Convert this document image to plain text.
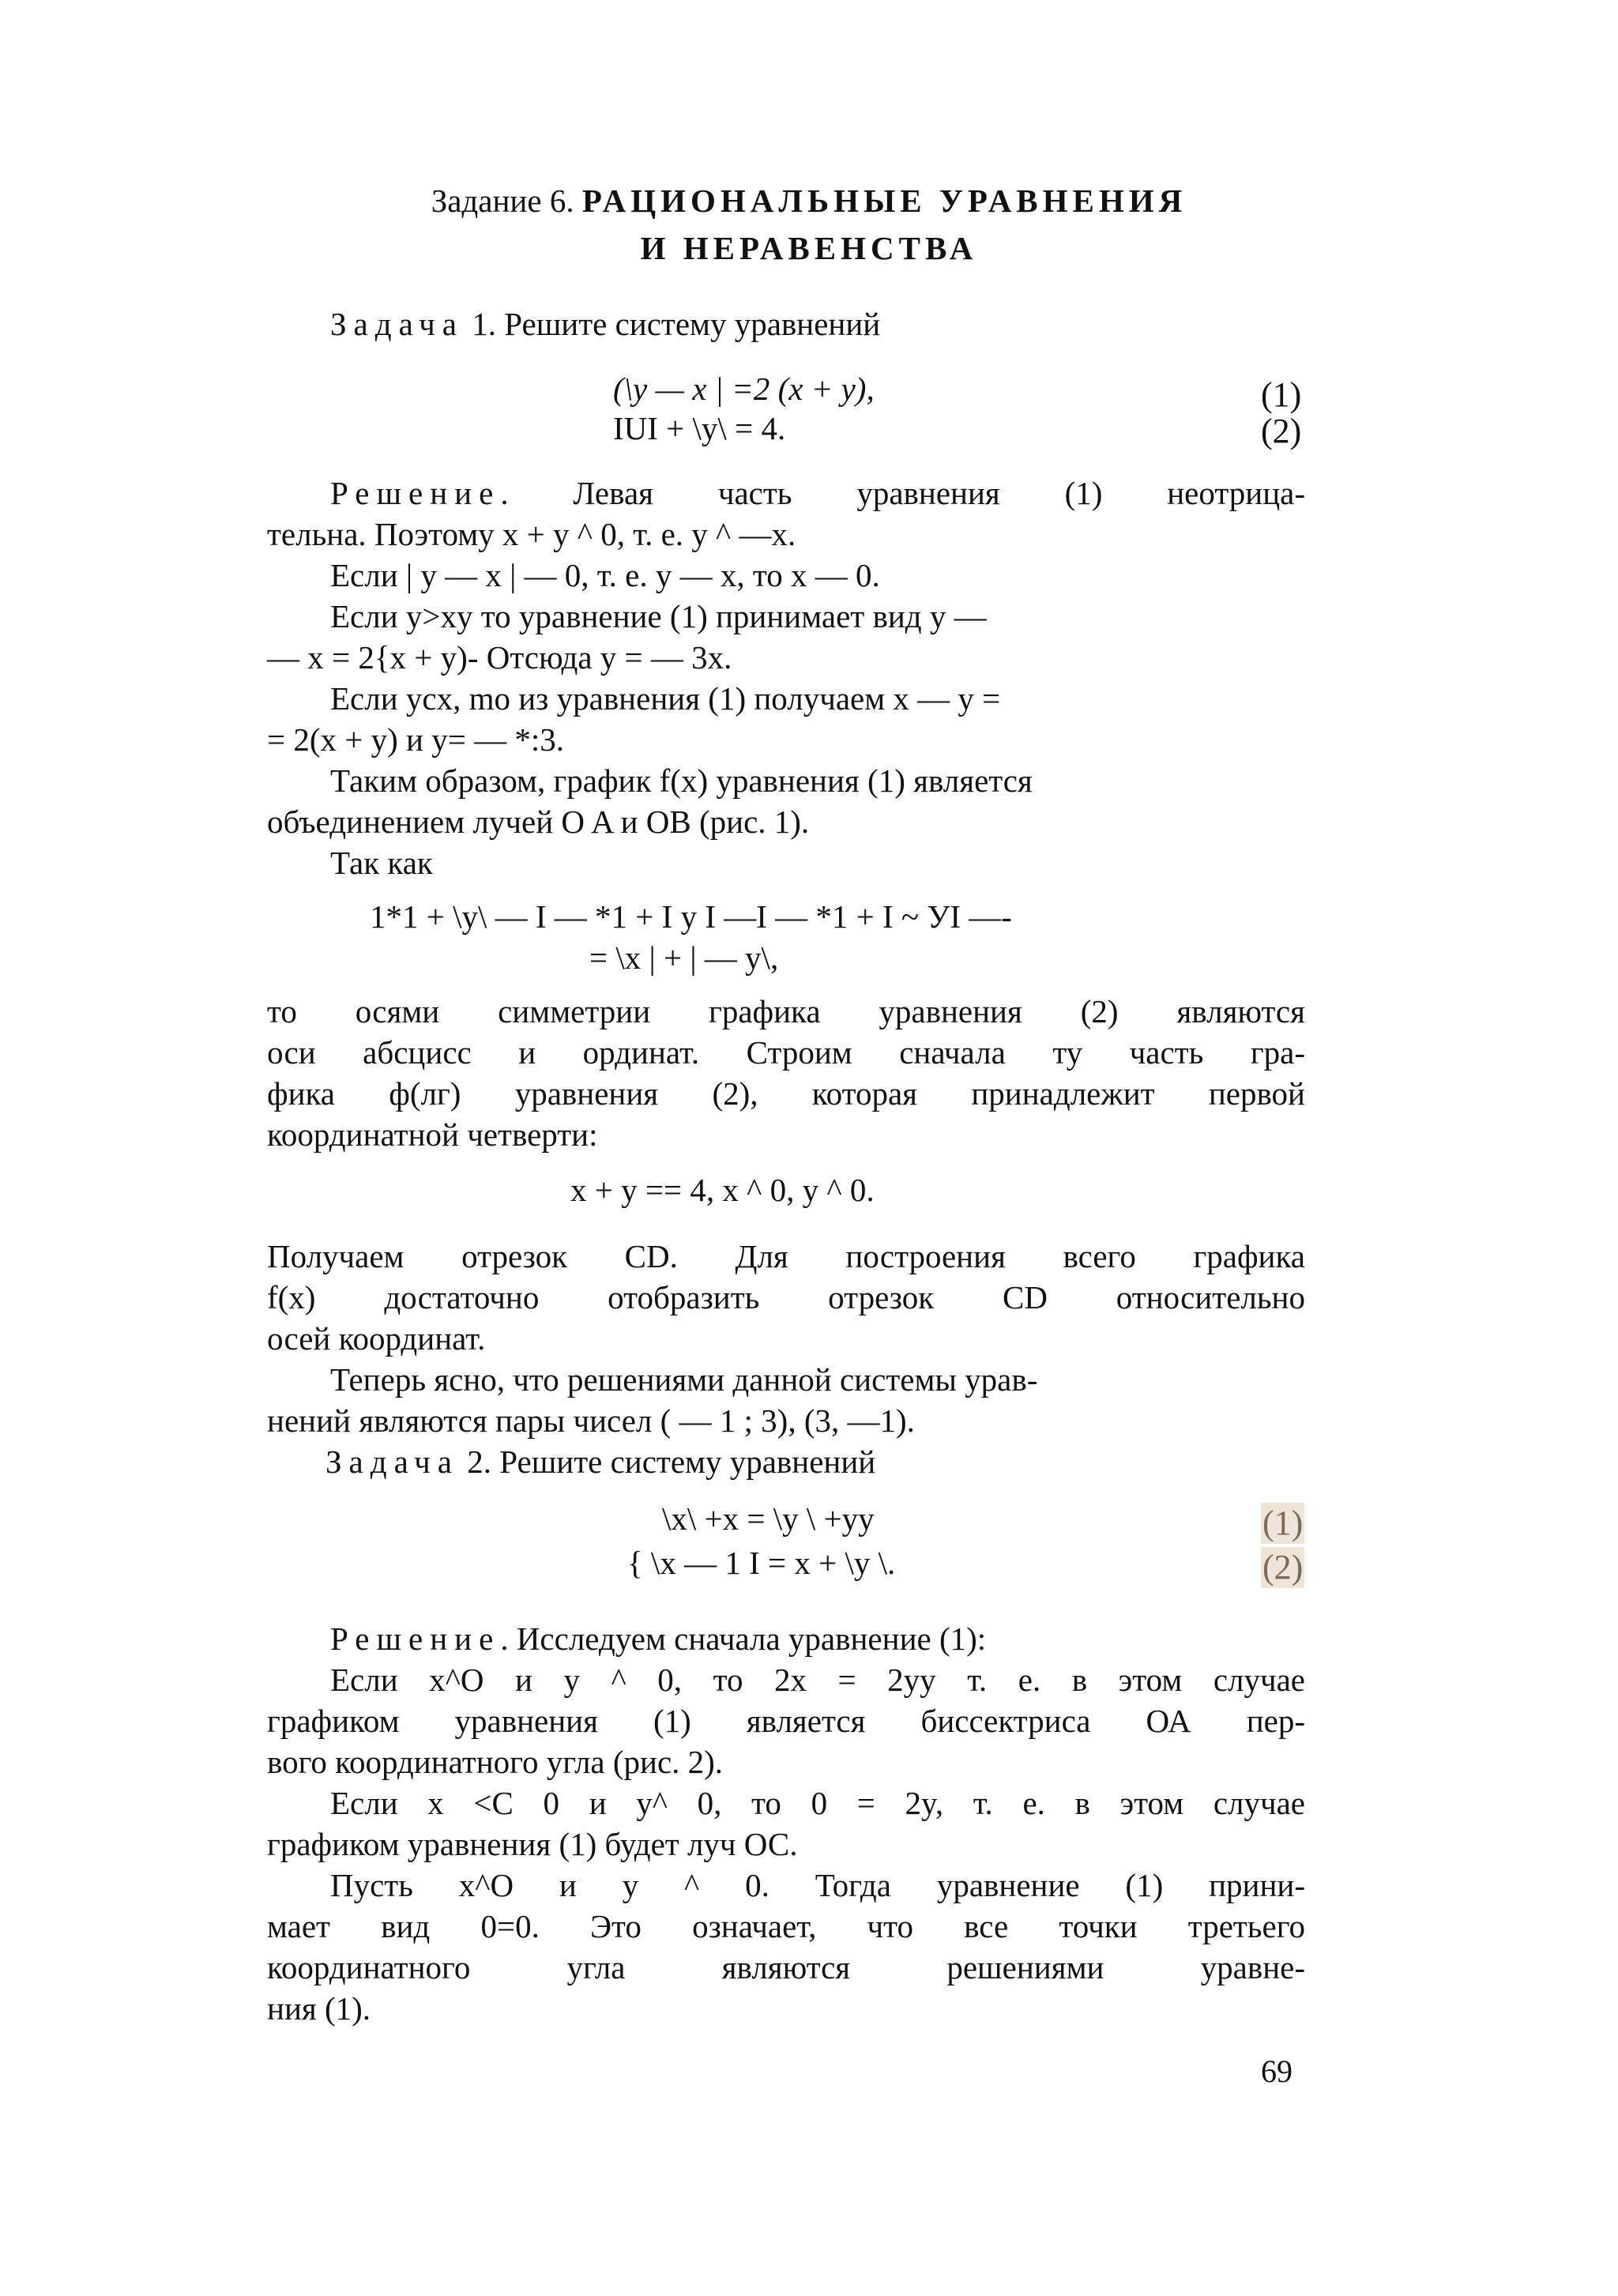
Задание 6. РАЦИОНАЛЬНЫЕ УРАВНЕНИЯ
И НЕРАВЕНСТВА
Задача 1. Решите систему уравнений
(\y — x | =2 (x + y),	(1)
IUI + \y\ = 4.	(2)
Решение. Левая часть уравнения (1) неотрица-
тельна. Поэтому x + y ^ 0, т. е. y ^ —x.
Если | y — x | — 0, т. е. y — x, то x — 0.
Если y>xy то уравнение (1) принимает вид y —
— x = 2{x + y)- Отсюда y = — 3x.
Если ycx, mo из уравнения (1) получаем x — y =
= 2(x + y) и y= — *:3.
Таким образом, график f(x) уравнения (1) является
объединением лучей O A и OB (рис. 1).
Так как
1*1 + \y\ — I — *1 + I y I —I — *1 + I ~ УI —-
= \x | + | — y\,
то осями симметрии графика уравнения (2) являются
оси абсцисс и ординат. Строим сначала ту часть гра-
фика ф(лг) уравнения (2), которая принадлежит первой
координатной четверти:
x + y == 4, x ^ 0, y ^ 0.
Получаем отрезок CD. Для построения всего графика
f(x) достаточно отобразить отрезок CD относительно
осей координат.
Теперь ясно, что решениями данной системы урав-
нений являются пары чисел ( — 1 ; 3), (3, —1).
Задача 2. Решите систему уравнений
\x\ +x = \y \ +yy	(1)
{ \x — 1 I = x + \y \.	(2)
Решение. Исследуем сначала уравнение (1):
Если x^O и y ^ 0, то 2x = 2yy т. е. в этом случае
графиком уравнения (1) является биссектриса ОА пер-
вого координатного угла (рис. 2).
Если x <С 0 и y^ 0, то 0 = 2y, т. е. в этом случае
графиком уравнения (1) будет луч ОС.
Пусть x^O и y ^ 0. Тогда уравнение (1) прини-
мает вид 0=0. Это означает, что все точки третьего
координатного угла являются решениями уравне-
ния (1).
69
